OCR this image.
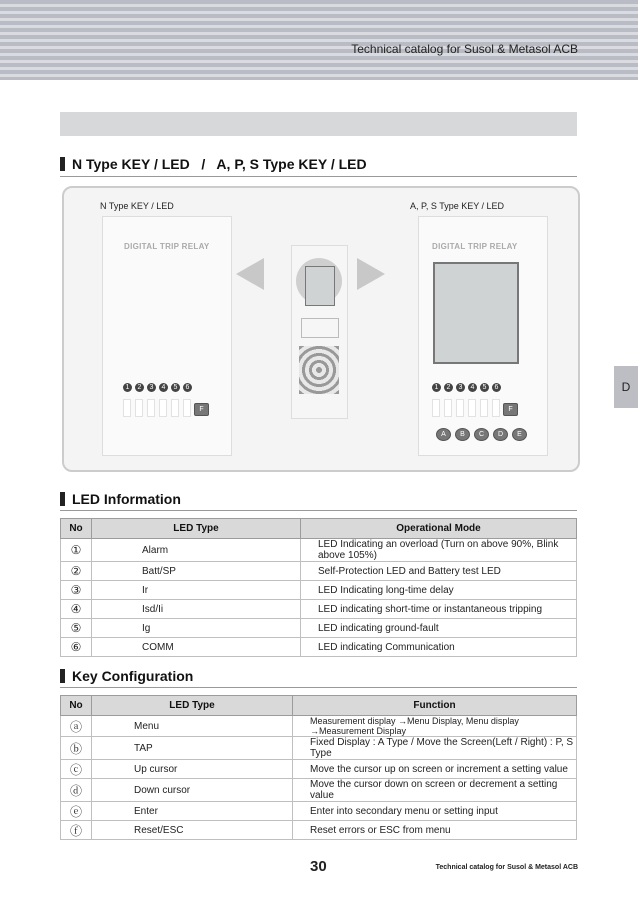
Technical catalog for Susol & Metasol ACB
N Type KEY / LED   /   A, P, S Type KEY / LED
N Type KEY / LED	A, P, S Type KEY / LED
DIGITAL TRIP RELAY
1	2	3	4	5	6
F
DIGITAL TRIP RELAY
1	2	3	4	5	6
F
A	B	C	D	E
D
LED Information
No	LED Type	Operational Mode
①	Alarm	LED Indicating an overload (Turn on above 90%, Blink above 105%)
②	Batt/SP	Self-Protection LED and Battery test LED
③	Ir	LED Indicating long-time delay
④	Isd/Ii	LED indicating short-time or instantaneous tripping
⑤	Ig	LED indicating ground-fault
⑥	COMM	LED indicating Communication
Key Configuration
No	LED Type	Function
ⓐ	Menu	Measurement display →Menu Display, Menu display →Measurement Display
ⓑ	TAP	Fixed Display : A Type / Move the Screen(Left / Right) : P, S Type
ⓒ	Up cursor	Move the cursor up on screen or increment a setting value
ⓓ	Down cursor	Move the cursor down on screen or decrement a setting value
ⓔ	Enter	Enter into secondary menu or setting input
ⓕ	Reset/ESC	Reset errors or ESC from menu
30	Technical catalog for Susol & Metasol ACB
